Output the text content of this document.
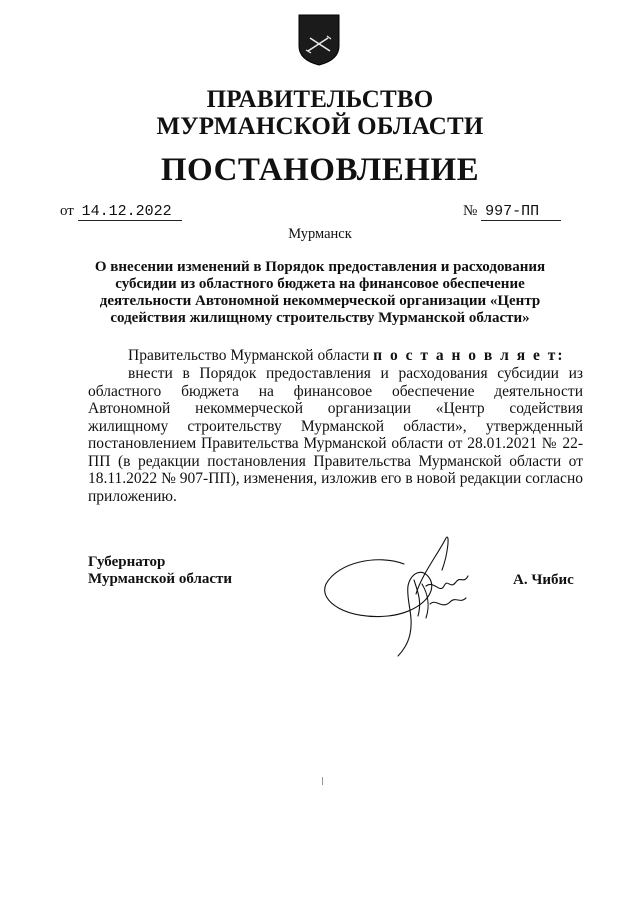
ПРАВИТЕЛЬСТВО
МУРМАНСКОЙ ОБЛАСТИ
ПОСТАНОВЛЕНИЕ
от 14.12.2022	№ 997-ПП
Мурманск
О внесении изменений в Порядок предоставления и расходования
субсидии из областного бюджета на финансовое обеспечение
деятельности Автономной некоммерческой организации «Центр
содействия жилищному строительству Мурманской области»
Правительство Мурманской области п о с т а н о в л я е т:
внести в Порядок предоставления и расходования субсидии из областного бюджета на финансовое обеспечение деятельности Автономной некоммерческой организации «Центр содействия жилищному строительству Мурманской области», утвержденный постановлением Правительства Мурманской области от 28.01.2021 № 22-ПП (в редакции постановления Правительства Мурманской области от 18.11.2022 № 907-ПП), изменения, изложив его в новой редакции согласно приложению.
Губернатор
Мурманской области	А. Чибис
